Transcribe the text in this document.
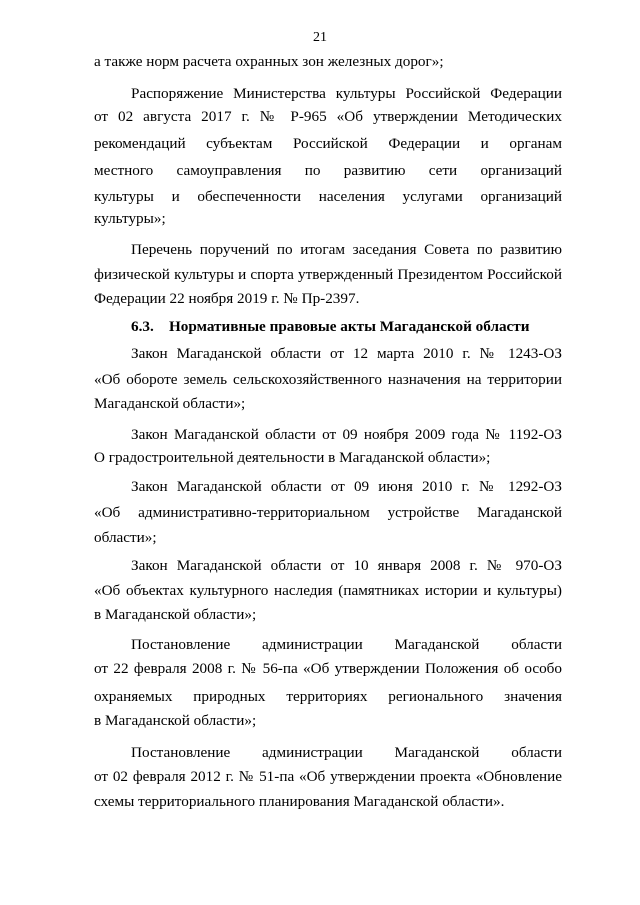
21
а также норм расчета охранных зон железных дорог»;
Распоряжение Министерства культуры Российской Федерации
от 02 августа 2017 г. № Р-965 «Об утверждении Методических
рекомендаций субъектам Российской Федерации и органам
местного самоуправления по развитию сети организаций
культуры и обеспеченности населения услугами организаций
культуры»;
Перечень поручений по итогам заседания Совета по развитию
физической культуры и спорта утвержденный Президентом Российской
Федерации 22 ноября 2019 г. № Пр-2397.
6.3.    Нормативные правовые акты Магаданской области
Закон Магаданской области от 12 марта 2010 г. № 1243-ОЗ
«Об обороте земель сельскохозяйственного назначения на территории
Магаданской области»;
Закон Магаданской области от 09 ноября 2009 года № 1192-ОЗ
О градостроительной деятельности в Магаданской области»;
Закон Магаданской области от 09 июня 2010 г. № 1292-ОЗ
«Об административно-территориальном устройстве Магаданской
области»;
Закон Магаданской области от 10 января 2008 г. № 970-ОЗ
«Об объектах культурного наследия (памятниках истории и культуры)
в Магаданской области»;
Постановление администрации Магаданской области
от 22 февраля 2008 г. № 56-па «Об утверждении Положения об особо
охраняемых природных территориях регионального значения
в Магаданской области»;
Постановление администрации Магаданской области
от 02 февраля 2012 г. № 51-па «Об утверждении проекта «Обновление
схемы территориального планирования Магаданской области».
